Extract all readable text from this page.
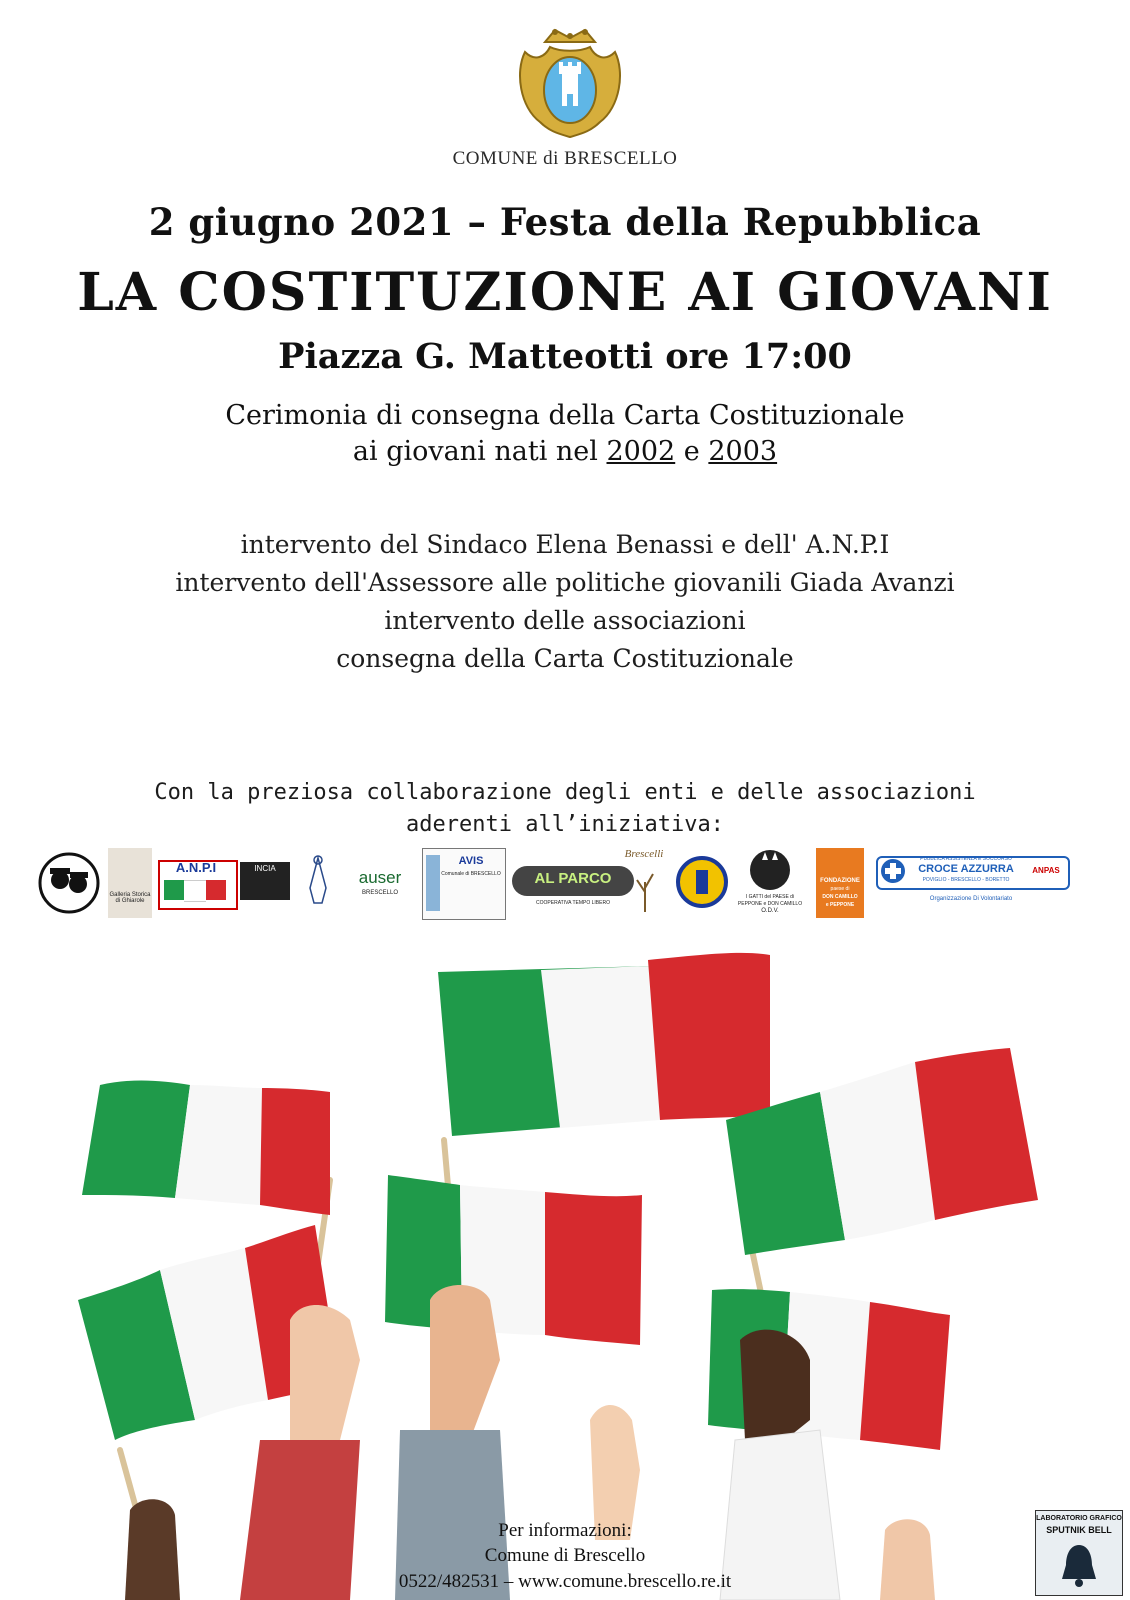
COMUNE di BRESCELLO
2 giugno 2021 – Festa della Repubblica
LA COSTITUZIONE AI GIOVANI
Piazza G. Matteotti ore 17:00
Cerimonia di consegna della Carta Costituzionale
ai giovani nati nel 2002 e 2003
intervento del Sindaco Elena Benassi e dell' A.N.P.I
intervento dell'Assessore alle politiche giovanili Giada Avanzi
intervento delle associazioni
consegna della Carta Costituzionale
Con la preziosa collaborazione degli enti e delle associazioni
aderenti all’iniziativa:
Galleria Storica di Ghiarole
A.N.P.I	INCIA	auser
BRESCELLO
AVIS
Comunale di BRESCELLO	AL PARCO
COOPERATIVA TEMPO LIBERO
Brescelli
I GATTI del PAESE di
PEPPONE e DON CAMILLO
O.D.V.
FONDAZIONE
paese di
DON CAMILLO
e PEPPONE
PUBBLICA ASSISTENZA E SOCCORSO
CROCE AZZURRA
POVIGLIO - BRESCELLO - BORETTO
ANPAS
Organizzazione Di Volontariato
Per informazioni:
Comune di Brescello
0522/482531 – www.comune.brescello.re.it
LABORATORIO GRAFICO
SPUTNIK BELL
